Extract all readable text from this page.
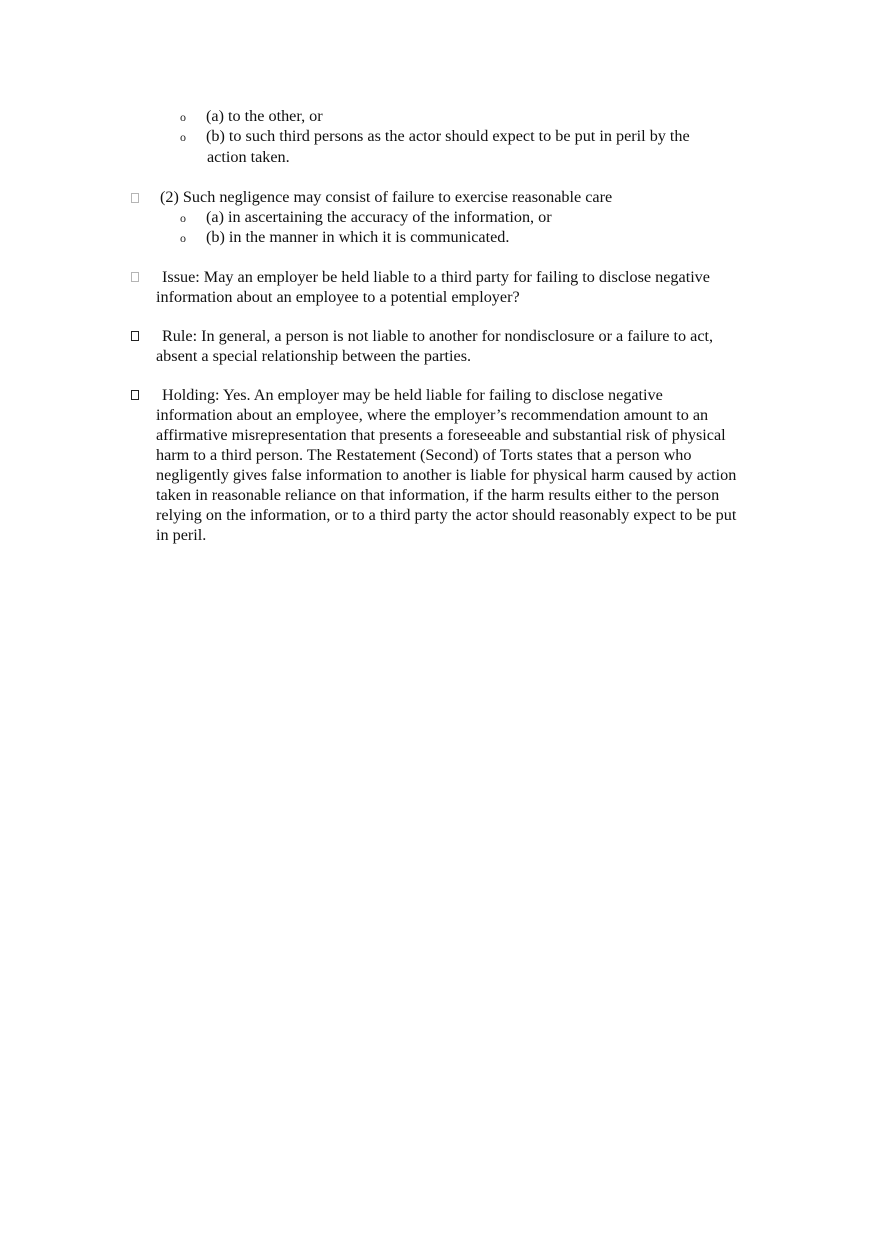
o (a) to the other, or
o (b) to such third persons as the actor should expect to be put in peril by the
action taken.
(2) Such negligence may consist of failure to exercise reasonable care
o (a) in ascertaining the accuracy of the information, or
o (b) in the manner in which it is communicated.
Issue: May an employer be held liable to a third party for failing to disclose negative
information about an employee to a potential employer?
Rule: In general, a person is not liable to another for nondisclosure or a failure to act,
absent a special relationship between the parties.
Holding: Yes. An employer may be held liable for failing to disclose negative
information about an employee, where the employer’s recommendation amount to an
affirmative misrepresentation that presents a foreseeable and substantial risk of physical
harm to a third person. The Restatement (Second) of Torts states that a person who
negligently gives false information to another is liable for physical harm caused by action
taken in reasonable reliance on that information, if the harm results either to the person
relying on the information, or to a third party the actor should reasonably expect to be put
in peril.
